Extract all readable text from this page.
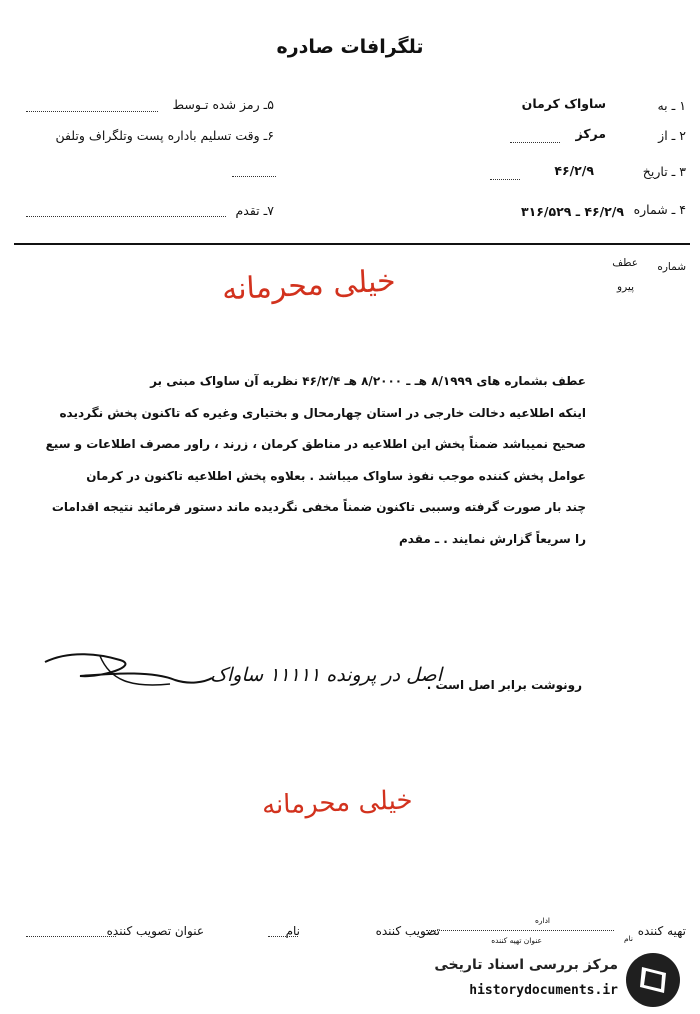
تلگرافات صادره
۱ ـ به
ساواک کرمان
۲ ـ از
مرکز
۳ ـ تاریخ
۴۶/۲/۹
۴ ـ شماره
۴۶/۲/۹ ـ ۳۱۶/۵۲۹
۵ـ رمز شده تـوسط
۶ـ وقت تسلیم باداره پست وتلگراف وتلفن
۷ـ تقدم
شماره
عطف
پیرو
خیلی محرمانه
عطف بشماره های ۸/۱۹۹۹ هـ ـ ۸/۲۰۰۰ هـ ۴۶/۲/۴ نظریه آن ساواک مبنی بر
اینکه اطلاعیه دخالت خارجی در استان چهارمحال و بختیاری وغیره که تاکنون پخش نگردیده
صحیح نمیباشد ضمناً پخش این اطلاعیه در مناطق کرمان ، زرند ، راور مصرف اطلاعات و سیع
عوامل پخش کننده موجب نفوذ ساواک میباشد . بعلاوه پخش اطلاعیه تاکنون در کرمان
چند بار صورت گرفته وسببی تاکنون ضمناً مخفی نگردیده ماند دستور فرمائید نتیجه اقدامات
را سریعاً گزارش نمایند . ـ مقدم
رونوشت برابر اصل است .
اصل در پرونده ۱۱۱۱۱ ساواک
خیلی محرمانه
تهیه کننده
نام
اداره
عنوان تهیه کننده
تصویب کننده
نام
عنوان تصویب کننده
مرکز بررسی اسناد تاریخی
historydocuments.ir
